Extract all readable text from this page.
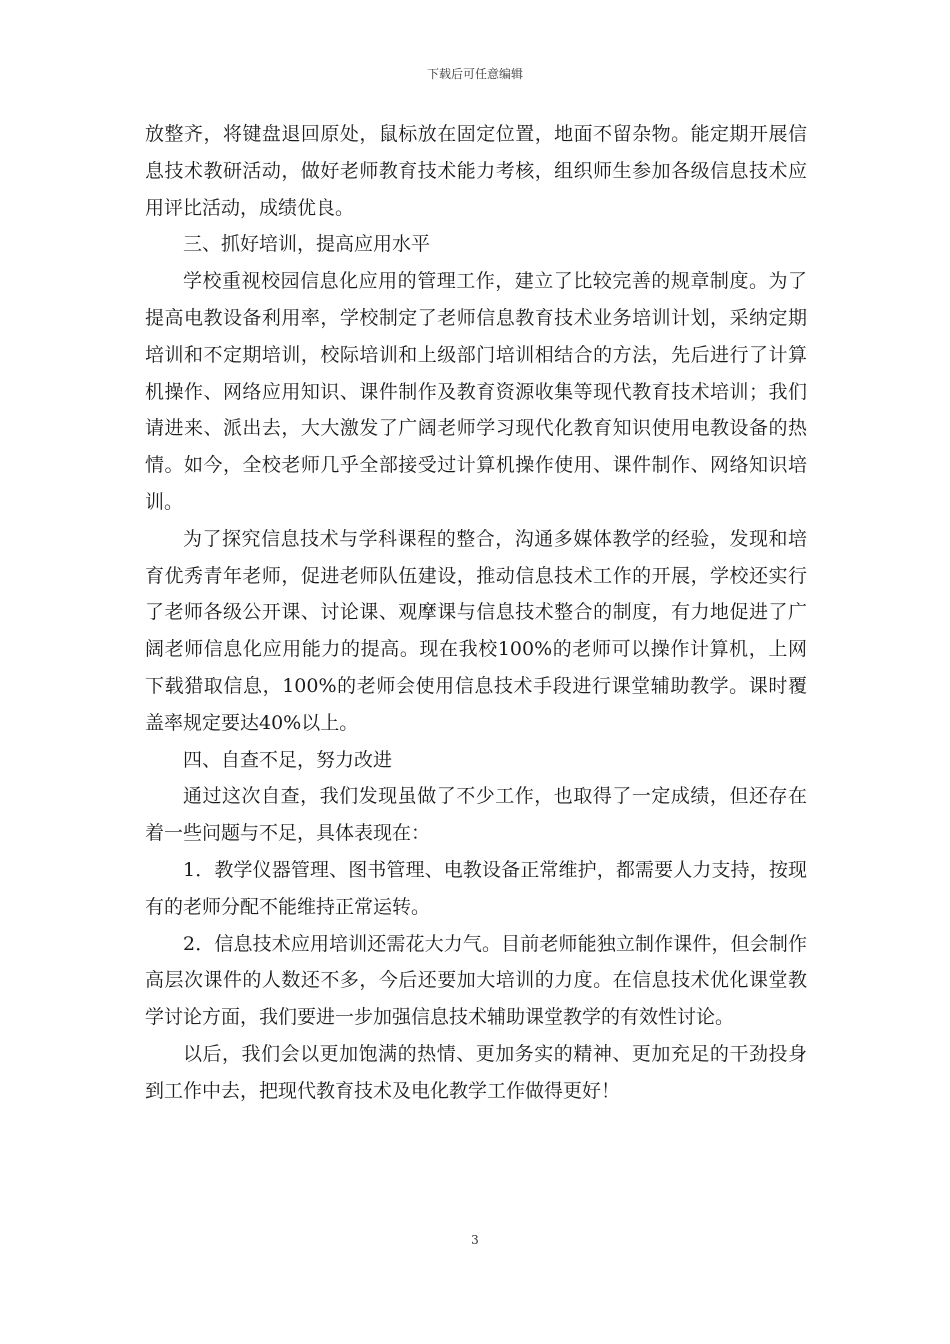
下载后可任意编辑

放整齐，将键盘退回原处，鼠标放在固定位置，地面不留杂物。能定期开展信息技术教研活动，做好老师教育技术能力考核，组织师生参加各级信息技术应用评比活动，成绩优良。

三、抓好培训，提高应用水平

学校重视校园信息化应用的管理工作，建立了比较完善的规章制度。为了提高电教设备利用率，学校制定了老师信息教育技术业务培训计划，采纳定期培训和不定期培训，校际培训和上级部门培训相结合的方法，先后进行了计算机操作、网络应用知识、课件制作及教育资源收集等现代教育技术培训；我们请进来、派出去，大大激发了广阔老师学习现代化教育知识使用电教设备的热情。如今，全校老师几乎全部接受过计算机操作使用、课件制作、网络知识培训。

为了探究信息技术与学科课程的整合，沟通多媒体教学的经验，发现和培育优秀青年老师，促进老师队伍建设，推动信息技术工作的开展，学校还实行了老师各级公开课、讨论课、观摩课与信息技术整合的制度，有力地促进了广阔老师信息化应用能力的提高。现在我校100%的老师可以操作计算机，上网下载猎取信息，100%的老师会使用信息技术手段进行课堂辅助教学。课时覆盖率规定要达40%以上。

四、自查不足，努力改进

通过这次自查，我们发现虽做了不少工作，也取得了一定成绩，但还存在着一些问题与不足，具体表现在：

1．教学仪器管理、图书管理、电教设备正常维护，都需要人力支持，按现有的老师分配不能维持正常运转。

2．信息技术应用培训还需花大力气。目前老师能独立制作课件，但会制作高层次课件的人数还不多，今后还要加大培训的力度。在信息技术优化课堂教学讨论方面，我们要进一步加强信息技术辅助课堂教学的有效性讨论。

以后，我们会以更加饱满的热情、更加务实的精神、更加充足的干劲投身到工作中去，把现代教育技术及电化教学工作做得更好！

3
